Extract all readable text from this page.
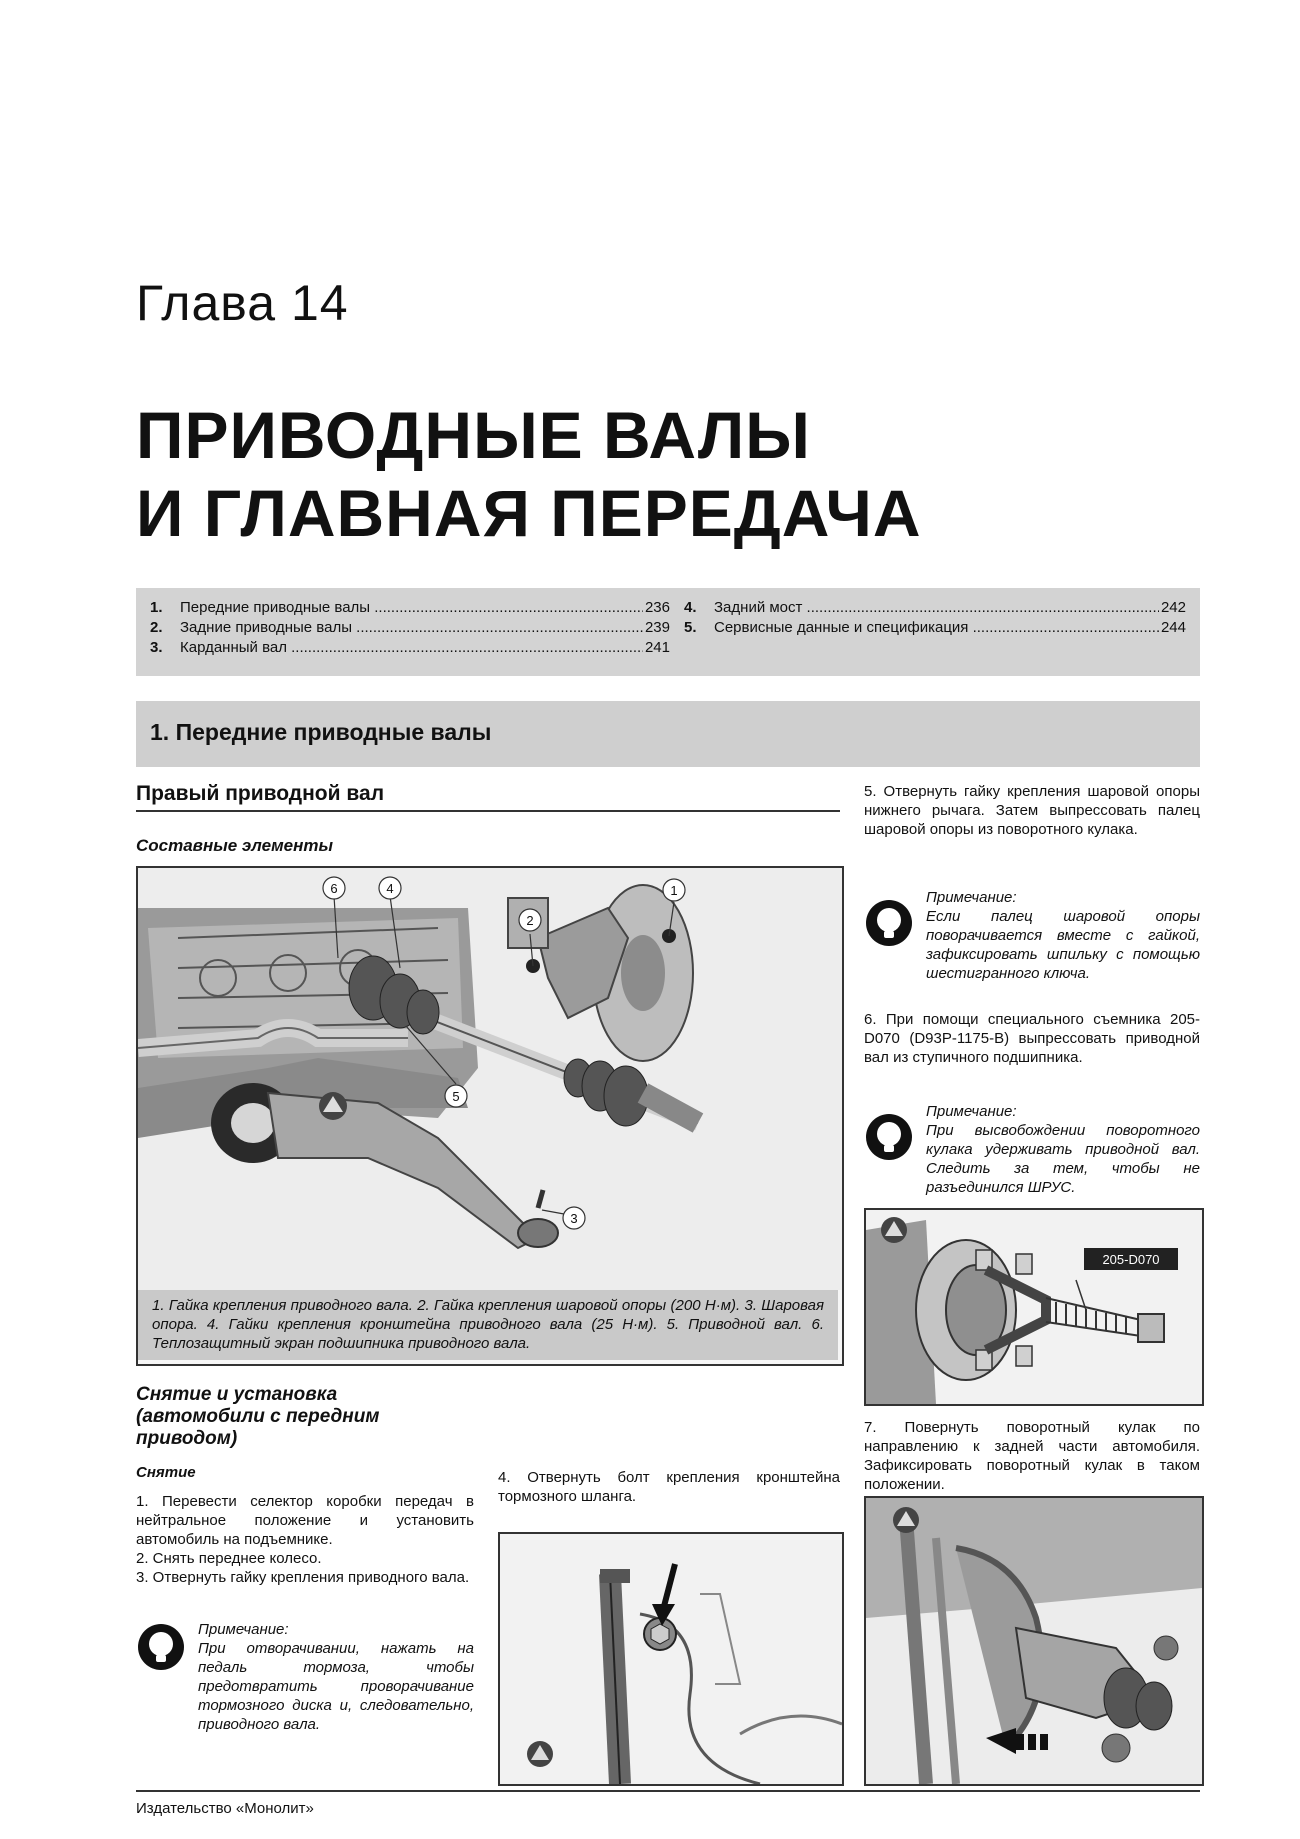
Глава 14
ПРИВОДНЫЕ ВАЛЫ
И ГЛАВНАЯ ПЕРЕДАЧА
1.	Передние приводные валы .....	236
2.	Задние приводные валы .....	239
3.	Карданный вал .....	241
4.	Задний мост .....	242
5.	Сервисные данные и спецификация .....	244
1. Передние приводные валы
Правый приводной вал
Составные элементы
6	4	1
2
5
3
1. Гайка крепления приводного вала. 2. Гайка крепления шаровой опоры (200 Н·м). 3. Шаровая опора. 4. Гайки крепления кронштейна приводного вала (25 Н·м). 5. Приводной вал. 6. Теплозащитный экран подшипника приводного вала.
Снятие и установка
(автомобили с передним
приводом)
Снятие
1. Перевести селектор коробки передач в нейтральное положение и установить автомобиль на подъемнике.
2. Снять переднее колесо.
3. Отвернуть гайку крепления приводного вала.
Примечание:
При отворачивании, нажать на педаль тормоза, чтобы предотвратить проворачивание тормозного диска и, следовательно, приводного вала.
4. Отвернуть болт крепления кронштейна тормозного шланга.
5. Отвернуть гайку крепления шаровой опоры нижнего рычага. Затем выпрессовать палец шаровой опоры из поворотного кулака.
Примечание:
Если палец шаровой опоры поворачивается вместе с гайкой, зафиксировать шпильку с помощью шестигранного ключа.
6. При помощи специального съемника 205-D070 (D93P-1175-B) выпрессовать приводной вал из ступичного подшипника.
Примечание:
При высвобождении поворотного кулака удерживать приводной вал. Следить за тем, чтобы не разъединился ШРУС.
205-D070
7. Повернуть поворотный кулак по направлению к задней части автомобиля. Зафиксировать поворотный кулак в таком положении.
Издательство «Монолит»
